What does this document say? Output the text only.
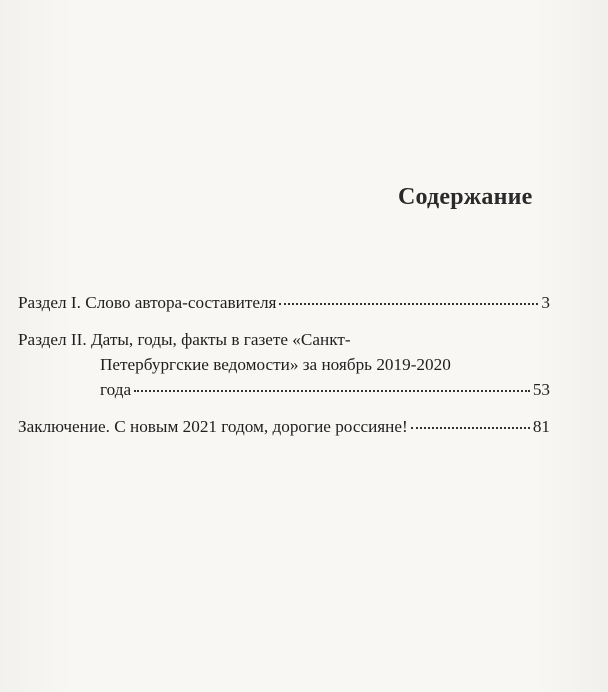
Содержание
Раздел I. Слово автора-составителя	3
Раздел II. Даты, годы, факты в газете «Санкт-
Петербургские ведомости» за ноябрь 2019-2020
года	53
Заключение. С новым 2021 годом, дорогие россияне!	81
